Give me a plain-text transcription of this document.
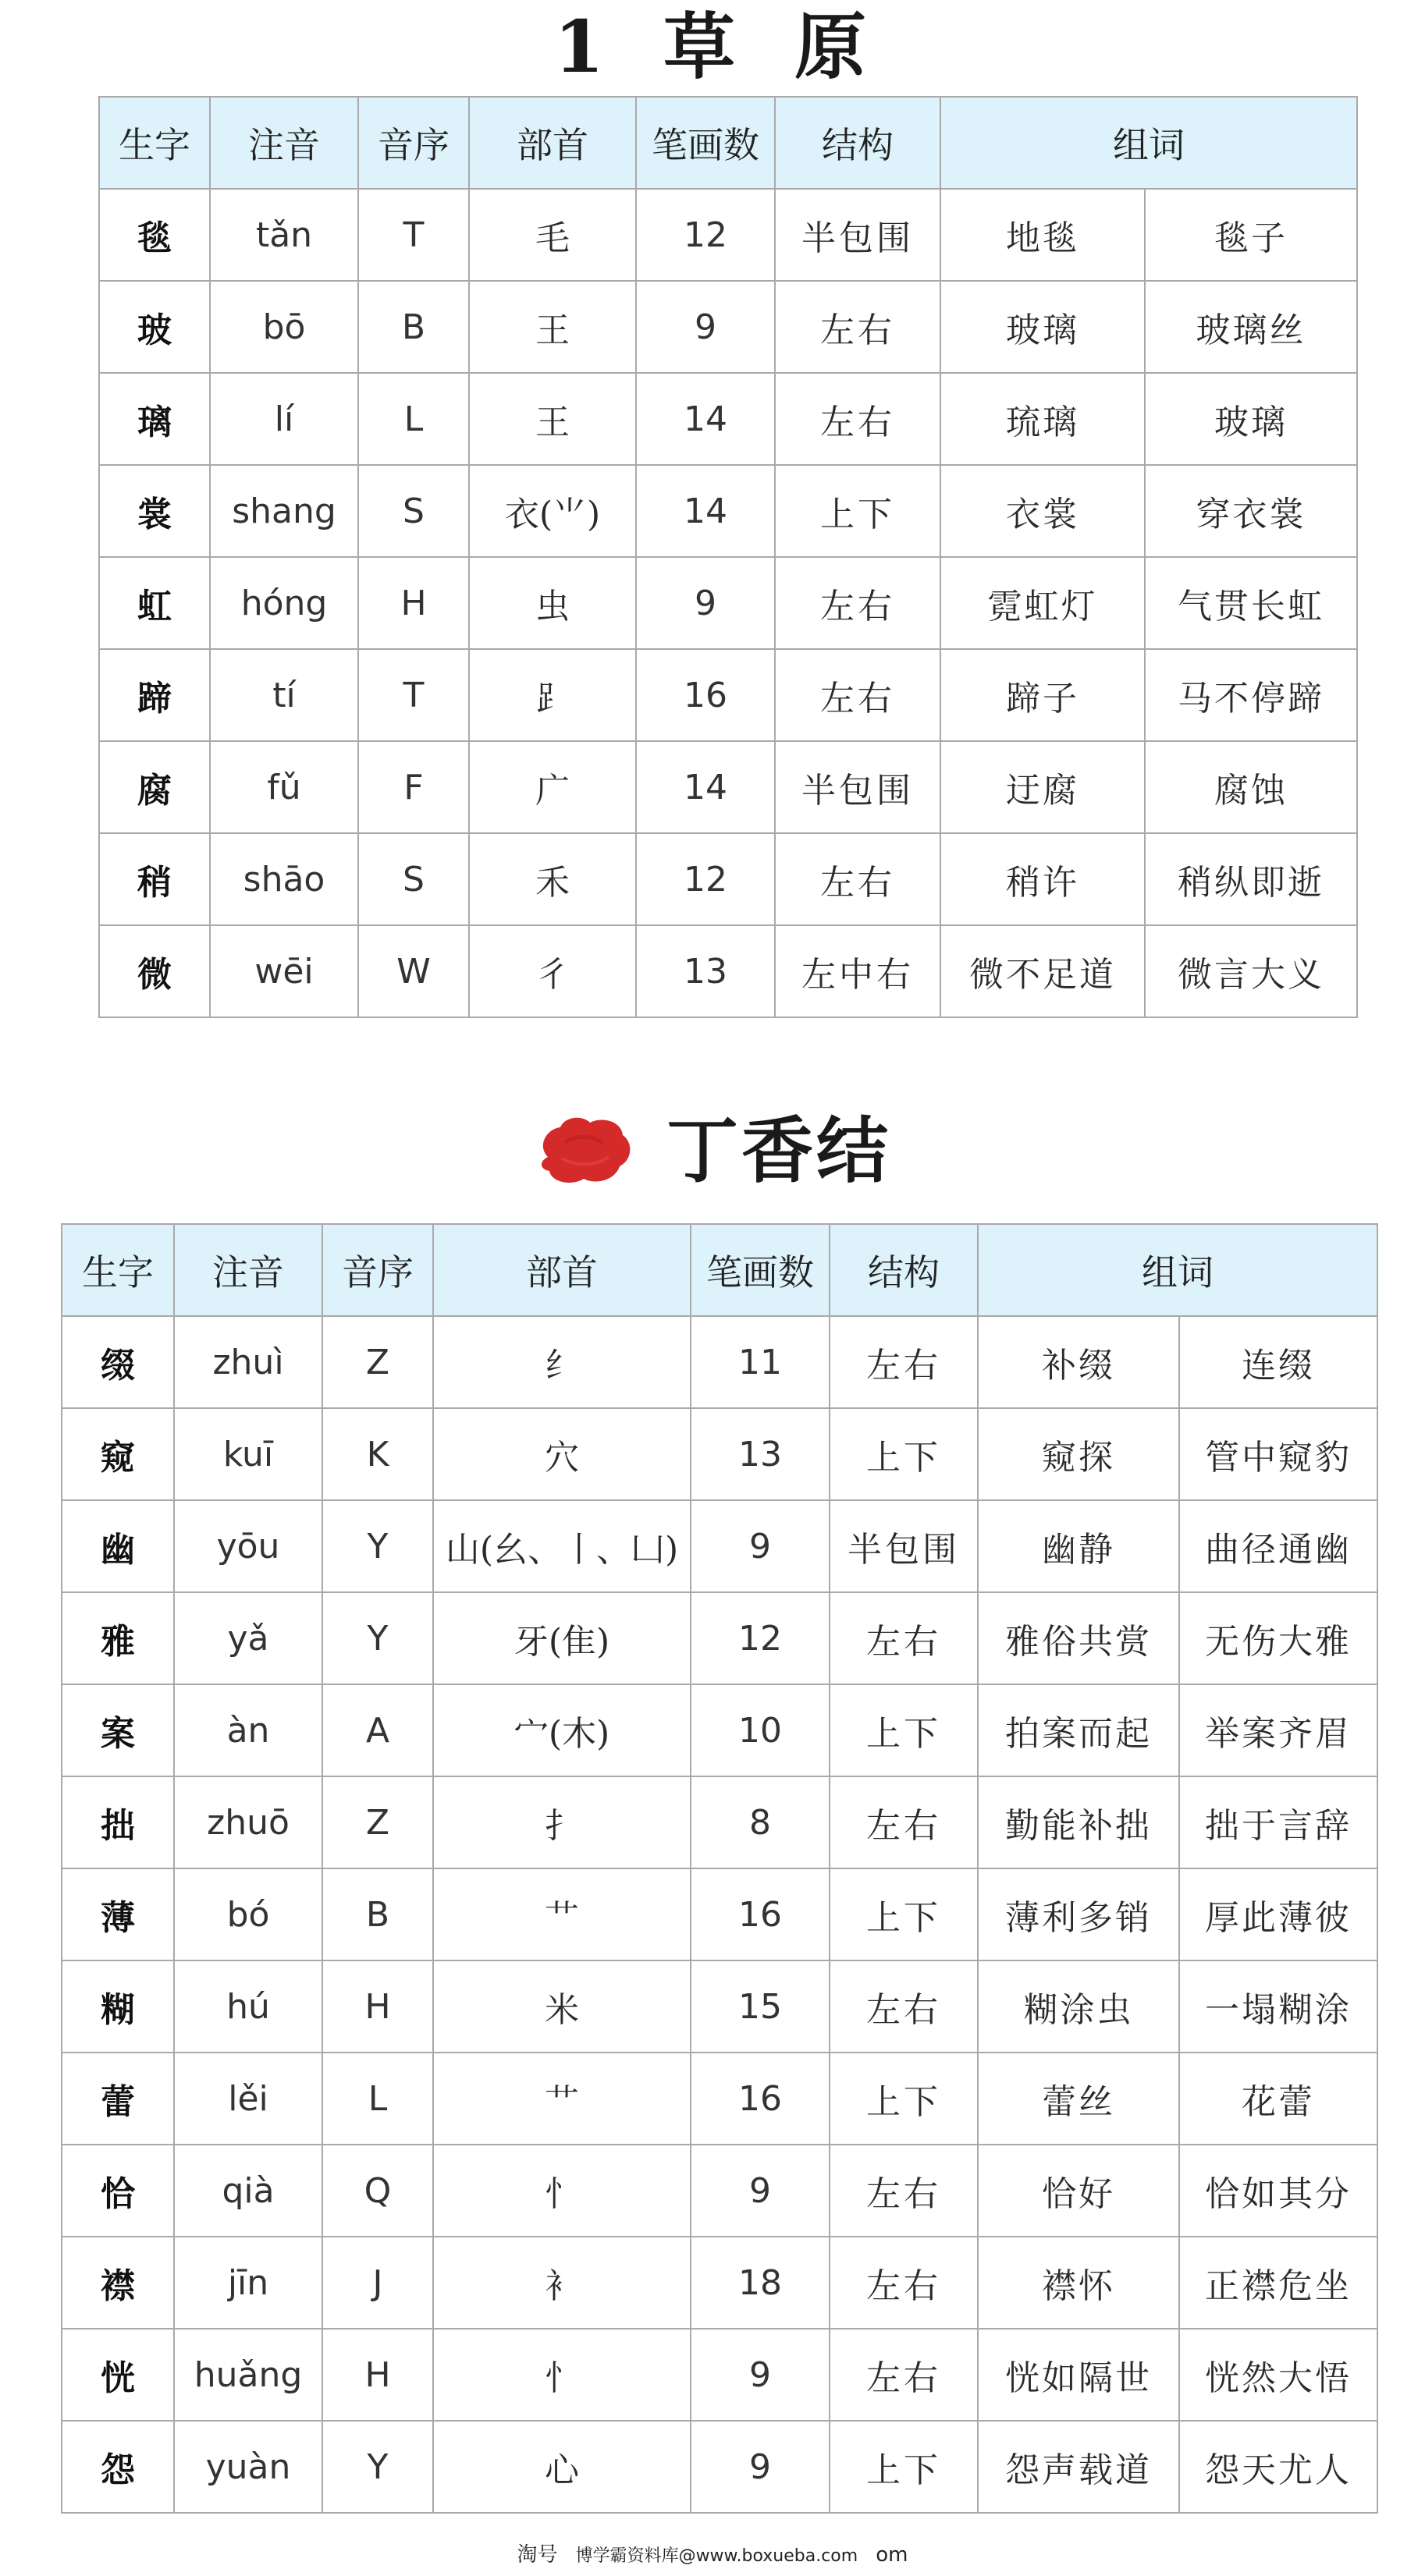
1 草 原
生字	注音	音序	部首	笔画数	结构	组词	
毯	tǎn	T	毛	12	半包围	地毯	毯子
玻	bō	B	王	9	左右	玻璃	玻璃丝
璃	lí	L	王	14	左右	琉璃	玻璃
裳	shang	S	衣(⺌)	14	上下	衣裳	穿衣裳
虹	hóng	H	虫	9	左右	霓虹灯	气贯长虹
蹄	tí	T	⻊	16	左右	蹄子	马不停蹄
腐	fǔ	F	广	14	半包围	迂腐	腐蚀
稍	shāo	S	禾	12	左右	稍许	稍纵即逝
微	wēi	W	彳	13	左中右	微不足道	微言大义
丁香结
生字	注音	音序	部首	笔画数	结构	组词	
缀	zhuì	Z	纟	11	左右	补缀	连缀
窥	kuī	K	穴	13	上下	窥探	管中窥豹
幽	yōu	Y	山(幺、丨、凵)	9	半包围	幽静	曲径通幽
雅	yǎ	Y	牙(隹)	12	左右	雅俗共赏	无伤大雅
案	àn	A	宀(木)	10	上下	拍案而起	举案齐眉
拙	zhuō	Z	扌	8	左右	勤能补拙	拙于言辞
薄	bó	B	艹	16	上下	薄利多销	厚此薄彼
糊	hú	H	米	15	左右	糊涂虫	一塌糊涂
蕾	lěi	L	艹	16	上下	蕾丝	花蕾
恰	qià	Q	忄	9	左右	恰好	恰如其分
襟	jīn	J	衤	18	左右	襟怀	正襟危坐
恍	huǎng	H	忄	9	左右	恍如隔世	恍然大悟
怨	yuàn	Y	心	9	上下	怨声载道	怨天尤人
淘号 博学霸资料库@www.boxueba.com om
